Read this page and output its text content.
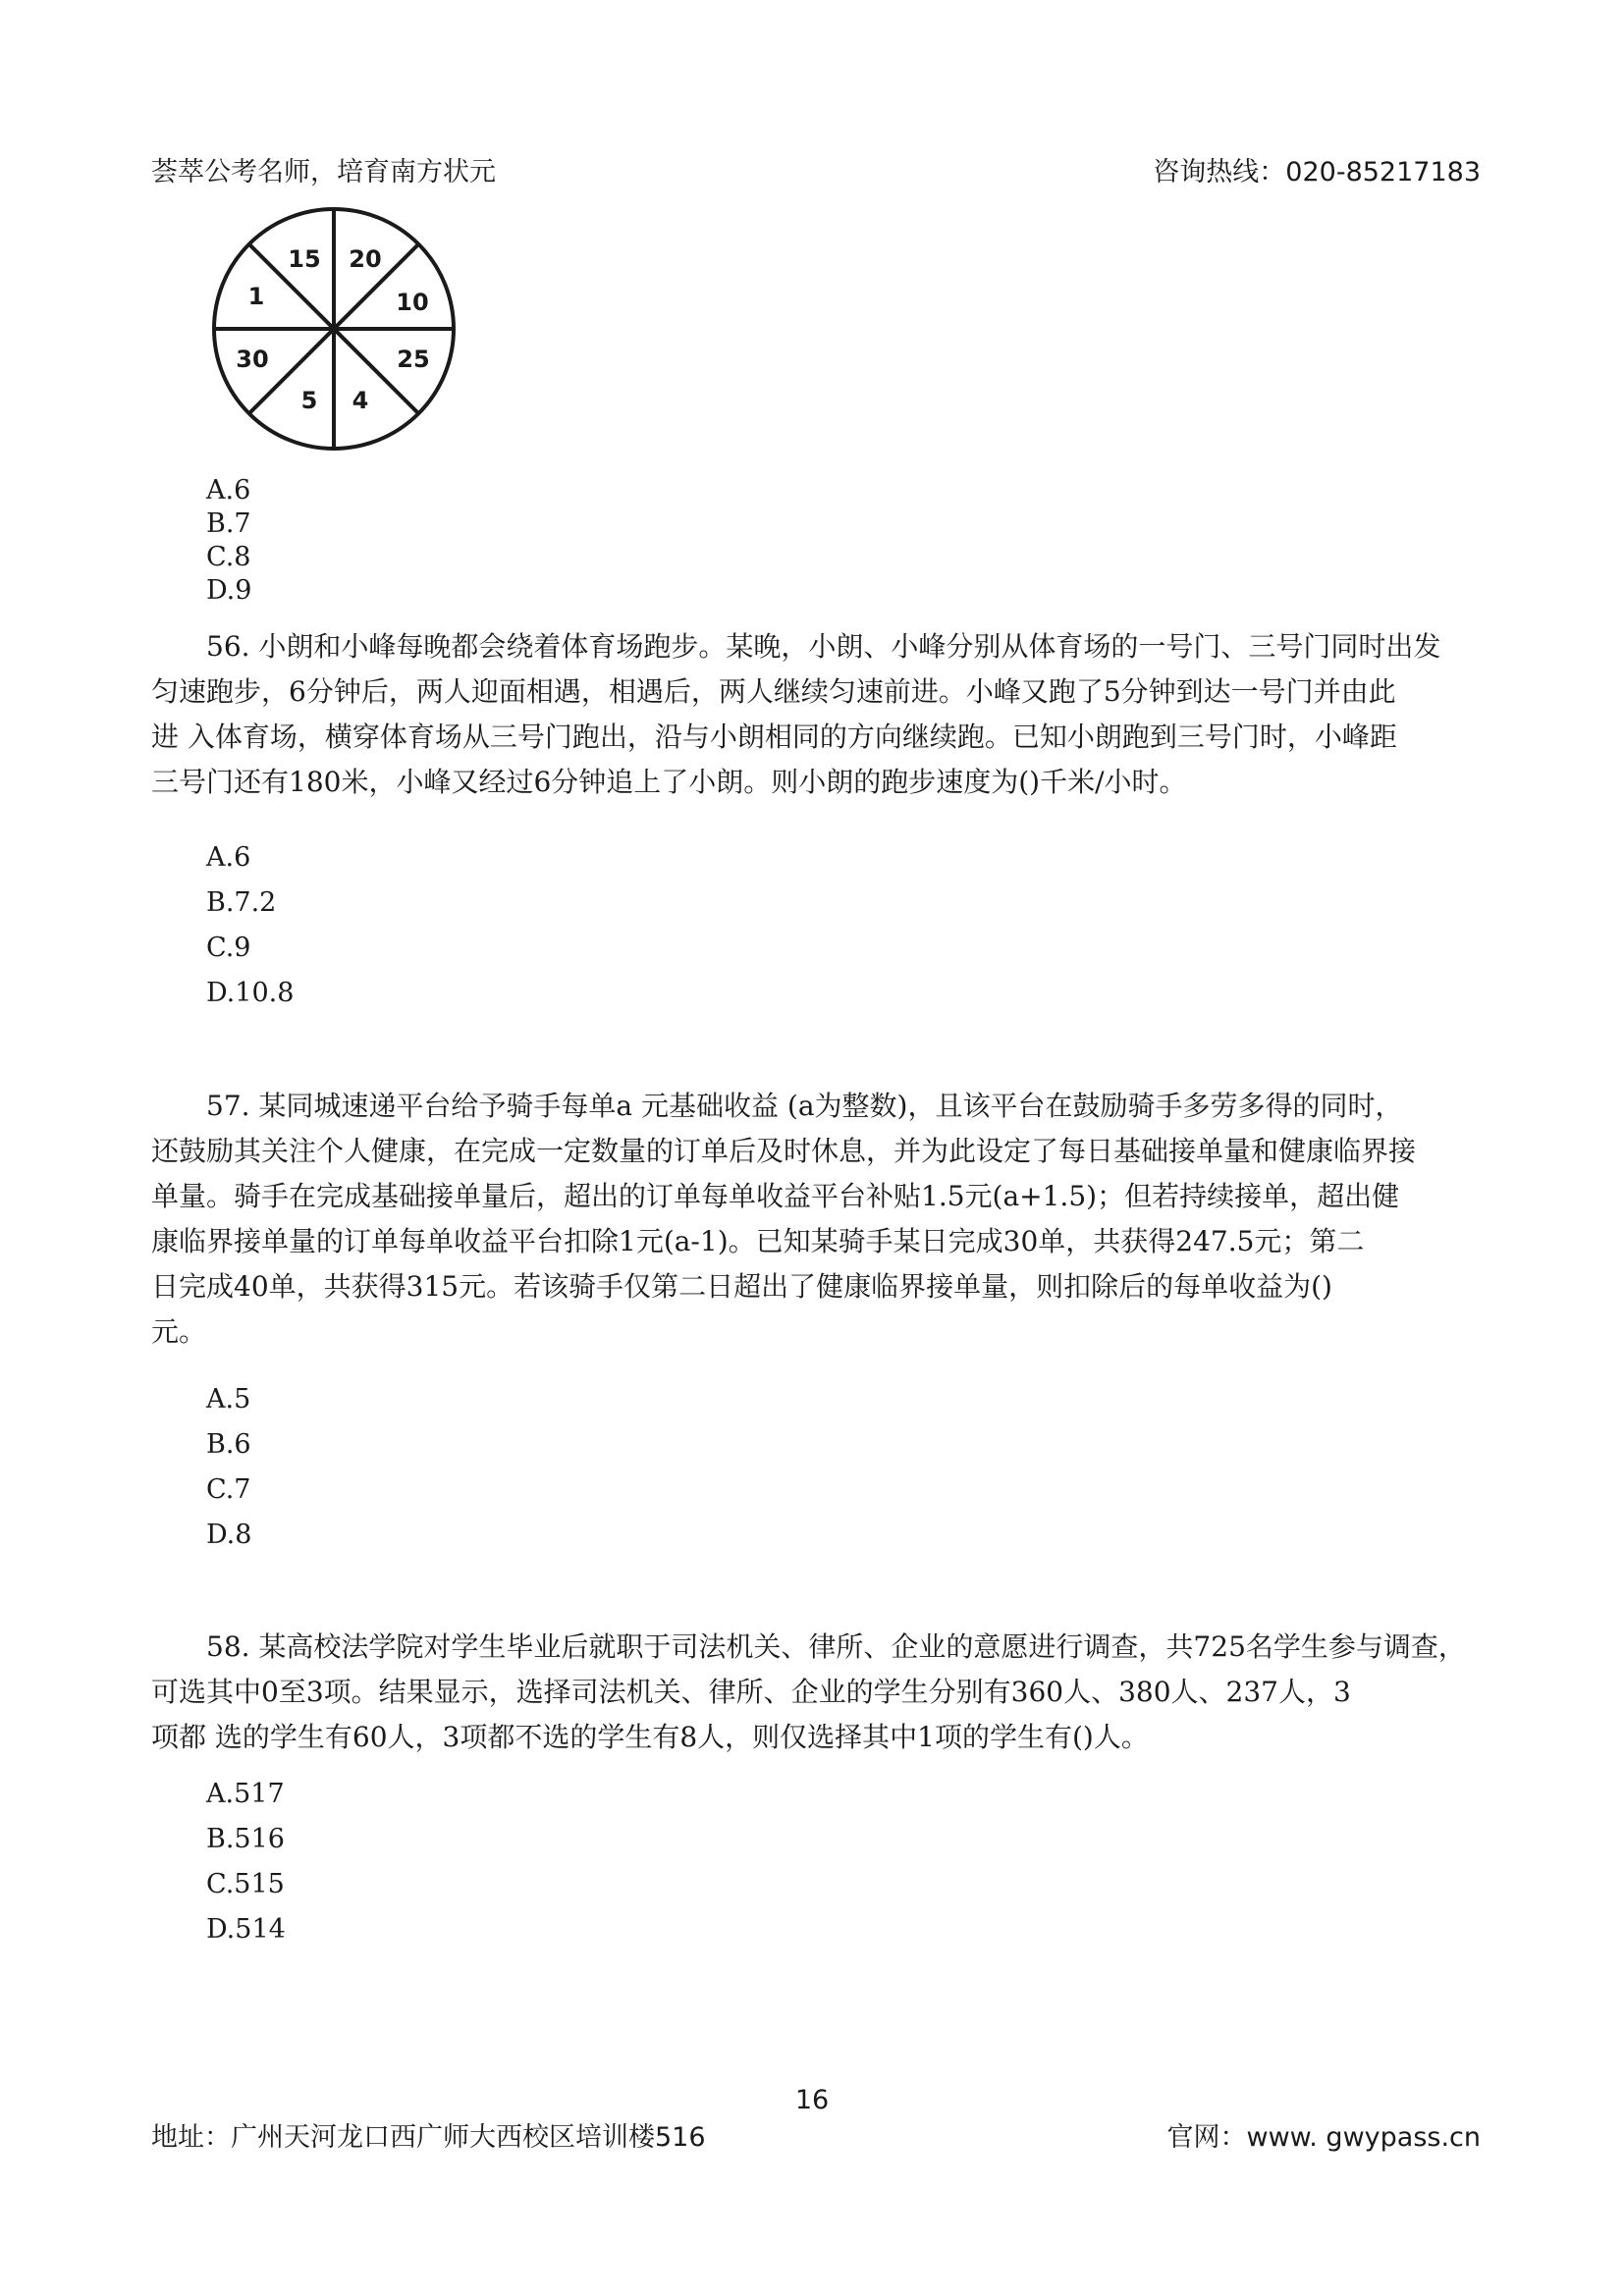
荟萃公考名师，培育南方状元	咨询热线：020-85217183
15 20
10
25
4
5
30
1
A.6
B.7
C.8
D.9
56. 小朗和小峰每晚都会绕着体育场跑步。某晚，小朗、小峰分别从体育场的一号门、三号门同时出发
匀速跑步，6分钟后，两人迎面相遇，相遇后，两人继续匀速前进。小峰又跑了5分钟到达一号门并由此
进 入体育场，横穿体育场从三号门跑出，沿与小朗相同的方向继续跑。已知小朗跑到三号门时，小峰距
三号门还有180米，小峰又经过6分钟追上了小朗。则小朗的跑步速度为()千米/小时。
A.6
B.7.2
C.9
D.10.8
57. 某同城速递平台给予骑手每单a 元基础收益 (a为整数)，且该平台在鼓励骑手多劳多得的同时，
还鼓励其关注个人健康，在完成一定数量的订单后及时休息，并为此设定了每日基础接单量和健康临界接
单量。骑手在完成基础接单量后，超出的订单每单收益平台补贴1.5元(a+1.5)；但若持续接单，超出健
康临界接单量的订单每单收益平台扣除1元(a-1)。已知某骑手某日完成30单，共获得247.5元；第二
日完成40单，共获得315元。若该骑手仅第二日超出了健康临界接单量，则扣除后的每单收益为()
元。
A.5
B.6
C.7
D.8
58. 某高校法学院对学生毕业后就职于司法机关、律所、企业的意愿进行调查，共725名学生参与调查，
可选其中0至3项。结果显示，选择司法机关、律所、企业的学生分别有360人、380人、237人，3
项都 选的学生有60人，3项都不选的学生有8人，则仅选择其中1项的学生有()人。
A.517
B.516
C.515
D.514
16
地址：广州天河龙口西广师大西校区培训楼516	官网：www. gwypass.cn
